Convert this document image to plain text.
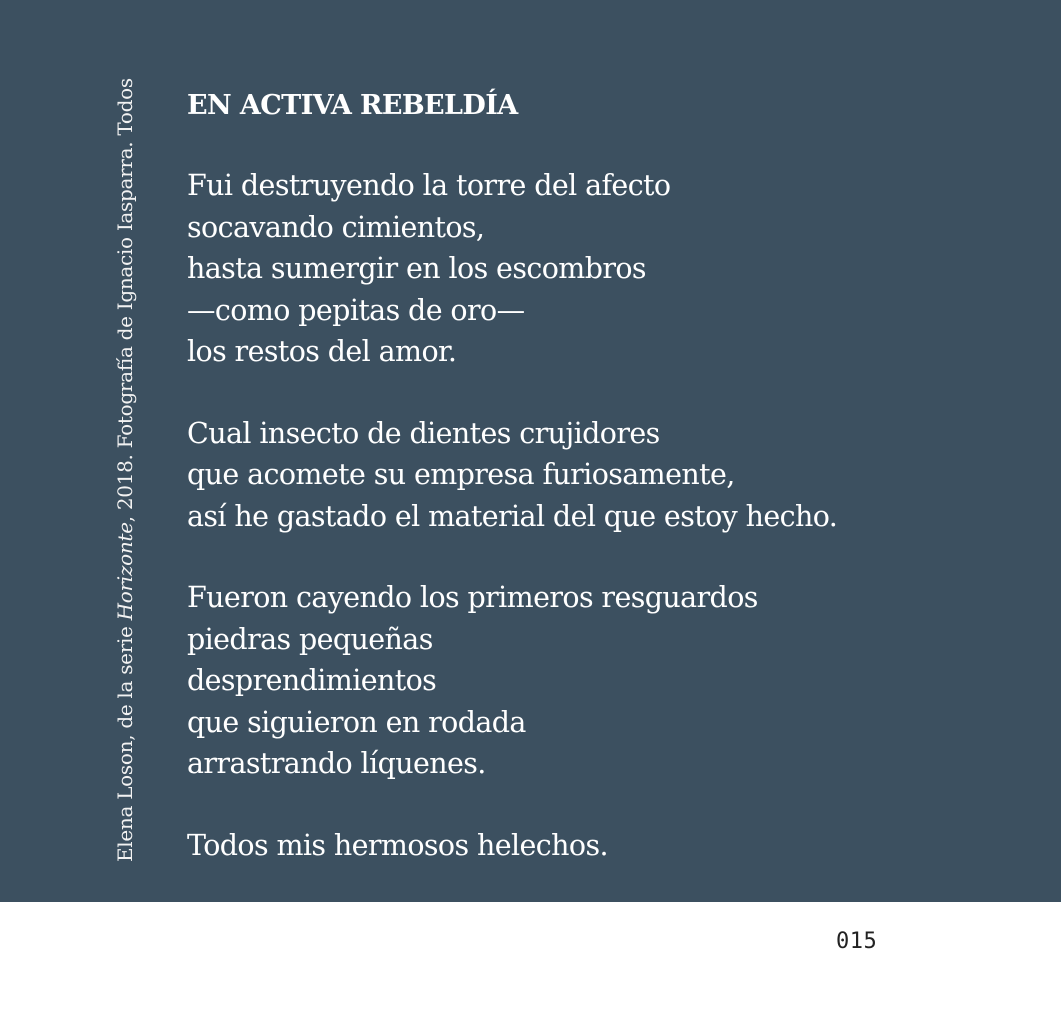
Elena Loson, de la serie Horizonte, 2018. Fotografía de Ignacio Iasparra. Todos EN ACTIVA REBELDÍA
Fui destruyendo la torre del afecto
socavando cimientos,
hasta sumergir en los escombros
—como pepitas de oro—
los restos del amor.
Cual insecto de dientes crujidores
que acomete su empresa furiosamente,
así he gastado el material del que estoy hecho.
Fueron cayendo los primeros resguardos
piedras pequeñas
desprendimientos
que siguieron en rodada
arrastrando líquenes.
Todos mis hermosos helechos.
015
